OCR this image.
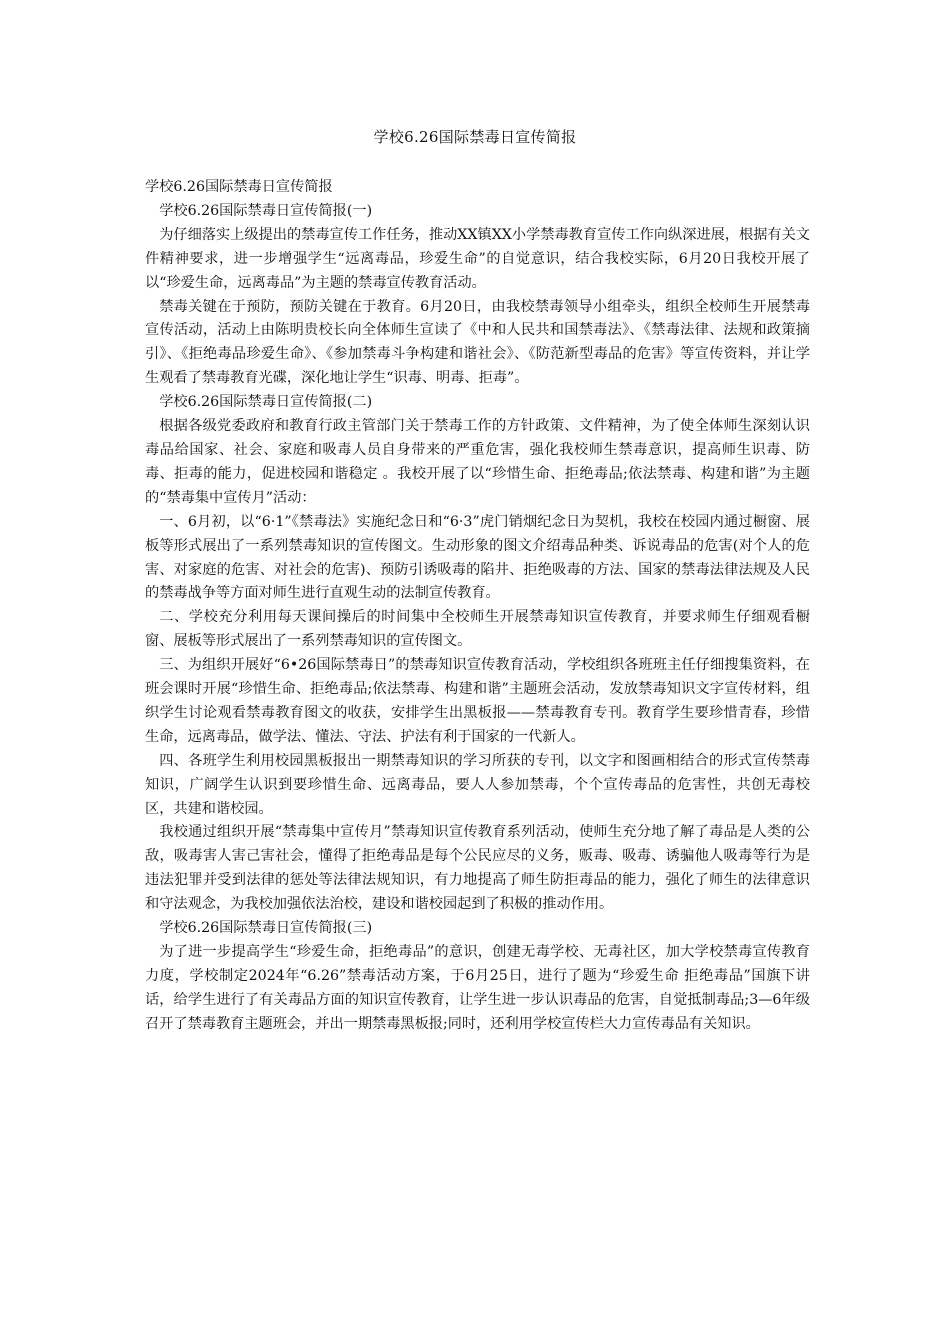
学校6.26国际禁毒日宣传简报

学校6.26国际禁毒日宣传简报

学校6.26国际禁毒日宣传简报(一)

为仔细落实上级提出的禁毒宣传工作任务，推动XX镇XX小学禁毒教育宣传工作向纵深进展，根据有关文件精神要求，进一步增强学生“远离毒品，珍爱生命”的自觉意识，结合我校实际，6月20日我校开展了以“珍爱生命，远离毒品”为主题的禁毒宣传教育活动。

禁毒关键在于预防，预防关键在于教育。6月20日，由我校禁毒领导小组牵头，组织全校师生开展禁毒宣传活动，活动上由陈明贵校长向全体师生宣读了《中和人民共和国禁毒法》、《禁毒法律、法规和政策摘引》、《拒绝毒品珍爱生命》、《参加禁毒斗争构建和谐社会》、《防范新型毒品的危害》等宣传资料，并让学生观看了禁毒教育光碟，深化地让学生“识毒、明毒、拒毒”。

学校6.26国际禁毒日宣传简报(二)

根据各级党委政府和教育行政主管部门关于禁毒工作的方针政策、文件精神，为了使全体师生深刻认识毒品给国家、社会、家庭和吸毒人员自身带来的严重危害，强化我校师生禁毒意识，提高师生识毒、防毒、拒毒的能力，促进校园和谐稳定 。我校开展了以“珍惜生命、拒绝毒品;依法禁毒、构建和谐”为主题的“禁毒集中宣传月”活动：

一、6月初，以“6·1”《禁毒法》实施纪念日和“6·3”虎门销烟纪念日为契机，我校在校园内通过橱窗、展板等形式展出了一系列禁毒知识的宣传图文。生动形象的图文介绍毒品种类、诉说毒品的危害(对个人的危害、对家庭的危害、对社会的危害)、预防引诱吸毒的陷井、拒绝吸毒的方法、国家的禁毒法律法规及人民的禁毒战争等方面对师生进行直观生动的法制宣传教育。

二、学校充分利用每天课间操后的时间集中全校师生开展禁毒知识宣传教育，并要求师生仔细观看橱窗、展板等形式展出了一系列禁毒知识的宣传图文。

三、为组织开展好“6•26国际禁毒日”的禁毒知识宣传教育活动，学校组织各班班主任仔细搜集资料，在班会课时开展“珍惜生命、拒绝毒品;依法禁毒、构建和谐”主题班会活动，发放禁毒知识文字宣传材料，组织学生讨论观看禁毒教育图文的收获，安排学生出黑板报——禁毒教育专刊。教育学生要珍惜青春，珍惜生命，远离毒品，做学法、懂法、守法、护法有利于国家的一代新人。

四、各班学生利用校园黑板报出一期禁毒知识的学习所获的专刊，以文字和图画相结合的形式宣传禁毒知识，广阔学生认识到要珍惜生命、远离毒品，要人人参加禁毒，个个宣传毒品的危害性，共创无毒校区，共建和谐校园。

我校通过组织开展“禁毒集中宣传月”禁毒知识宣传教育系列活动，使师生充分地了解了毒品是人类的公敌，吸毒害人害己害社会，懂得了拒绝毒品是每个公民应尽的义务，贩毒、吸毒、诱骗他人吸毒等行为是违法犯罪并受到法律的惩处等法律法规知识，有力地提高了师生防拒毒品的能力，强化了师生的法律意识和守法观念，为我校加强依法治校，建设和谐校园起到了积极的推动作用。

学校6.26国际禁毒日宣传简报(三)

为了进一步提高学生“珍爱生命，拒绝毒品”的意识，创建无毒学校、无毒社区，加大学校禁毒宣传教育力度，学校制定2024年“6.26”禁毒活动方案，于6月25日，进行了题为“珍爱生命 拒绝毒品”国旗下讲话，给学生进行了有关毒品方面的知识宣传教育，让学生进一步认识毒品的危害，自觉抵制毒品;3—6年级召开了禁毒教育主题班会，并出一期禁毒黑板报;同时，还利用学校宣传栏大力宣传毒品有关知识。
